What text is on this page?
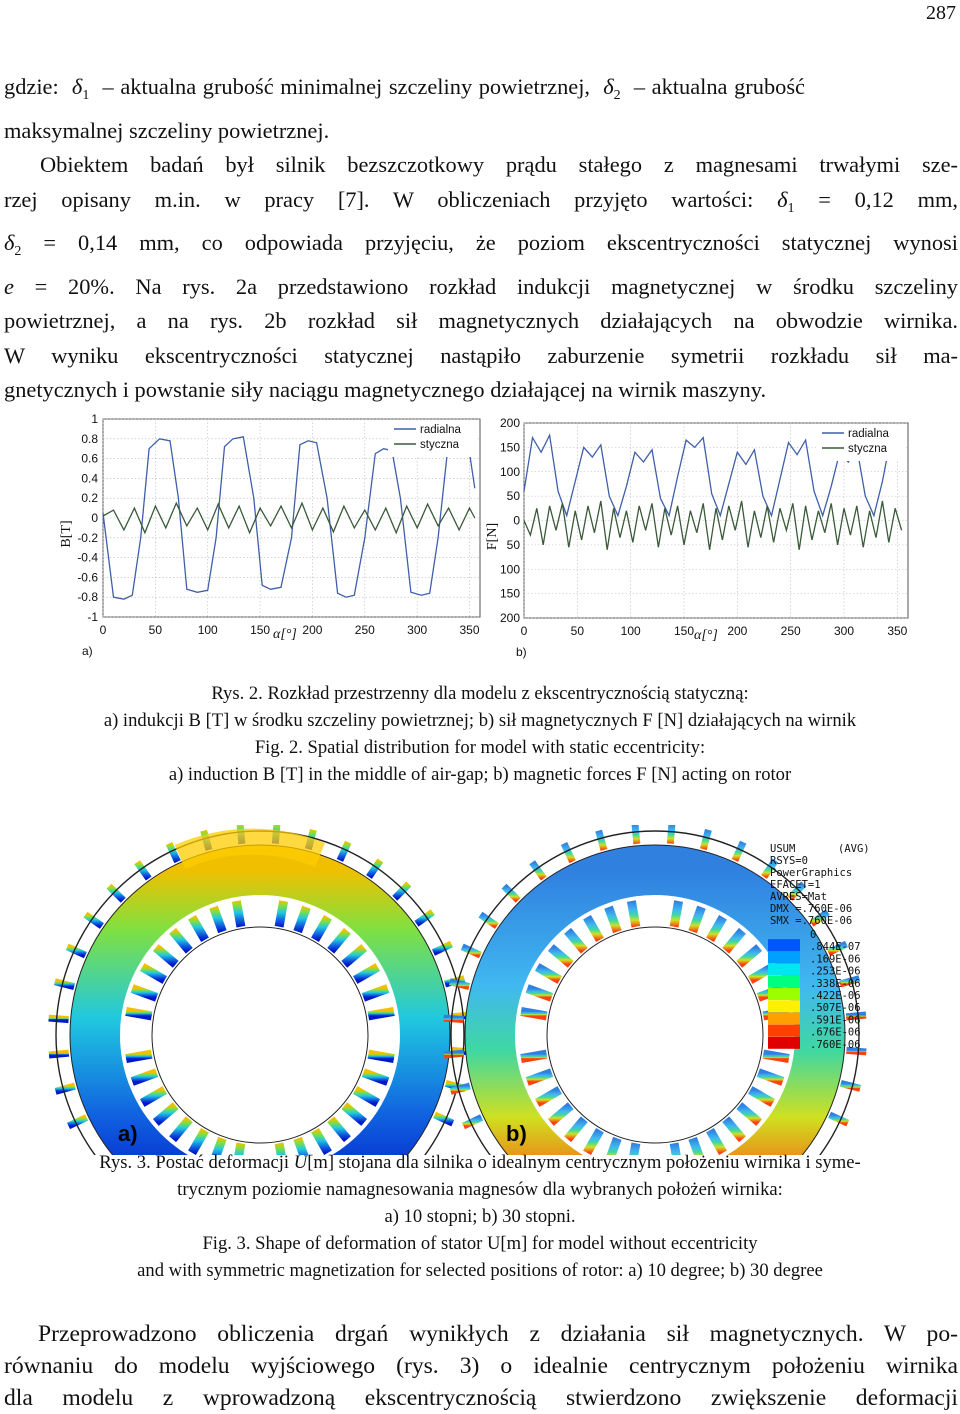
287
gdzie: $\delta_1$ – aktualna grubość minimalnej szczeliny powietrznej, $\delta_2$ – aktualna grubość
maksymalnej szczeliny powietrznej.
Obiektem badań był silnik bezszczotkowy prądu stałego z magnesami trwałymi sze-
rzej opisany m.in. w pracy [7]. W obliczeniach przyjęto wartości: $\delta_1 = 0,12$ mm,
$\delta_2 = 0,14$ mm, co odpowiada przyjęciu, że poziom ekscentryczności statycznej wynosi
e = 20%. Na rys. 2a przedstawiono rozkład indukcji magnetycznej w środku szczeliny
powietrznej, a na rys. 2b rozkład sił magnetycznych działających na obwodzie wirnika.
W wyniku ekscentryczności statycznej nastąpiło zaburzenie symetrii rozkładu sił ma-
gnetycznych i powstanie siły naciągu magnetycznego działającej na wirnik maszyny.
1
0.8
0.6
0.4
0.2
0
-0.2
-0.4
-0.6
-0.8
-1
0	50	100	150	200	250	300	350
radialna
styczna
B[T]
α[°]
a)
200
150
100
50
0
50
100
150
200
0	50	100	150	200	250	300	350
radialna
styczna
F[N]
α[°]
b)
Rys. 2. Rozkład przestrzenny dla modelu z ekscentrycznością statyczną:
a) indukcji B [T] w środku szczeliny powietrznej; b) sił magnetycznych F [N] działających na wirnik
Fig. 2. Spatial distribution for model with static eccentricity:
a) induction B [T] in the middle of air-gap; b) magnetic forces F [N] acting on rotor
USUM	(AVG)
RSYS=0
PowerGraphics
EFACET=1
AVRES=Mat
DMX =.760E-06
SMX =.760E-06
0
.844E-07
.169E-06
.253E-06
.338E-06
.422E-06
.507E-06
.591E-06
.676E-06
.760E-06
a)	b)
Rys. 3. Postać deformacji U[m] stojana dla silnika o idealnym centrycznym położeniu wirnika i syme-
trycznym poziomie namagnesowania magnesów dla wybranych położeń wirnika:
a) 10 stopni; b) 30 stopni.
Fig. 3. Shape of deformation of stator U[m] for model without eccentricity
and with symmetric magnetization for selected positions of rotor: a) 10 degree; b) 30 degree
Przeprowadzono obliczenia drgań wynikłych z działania sił magnetycznych. W po-
równaniu do modelu wyjściowego (rys. 3) o idealnie centrycznym położeniu wirnika
dla modelu z wprowadzoną ekscentrycznością stwierdzono zwiększenie deformacji
